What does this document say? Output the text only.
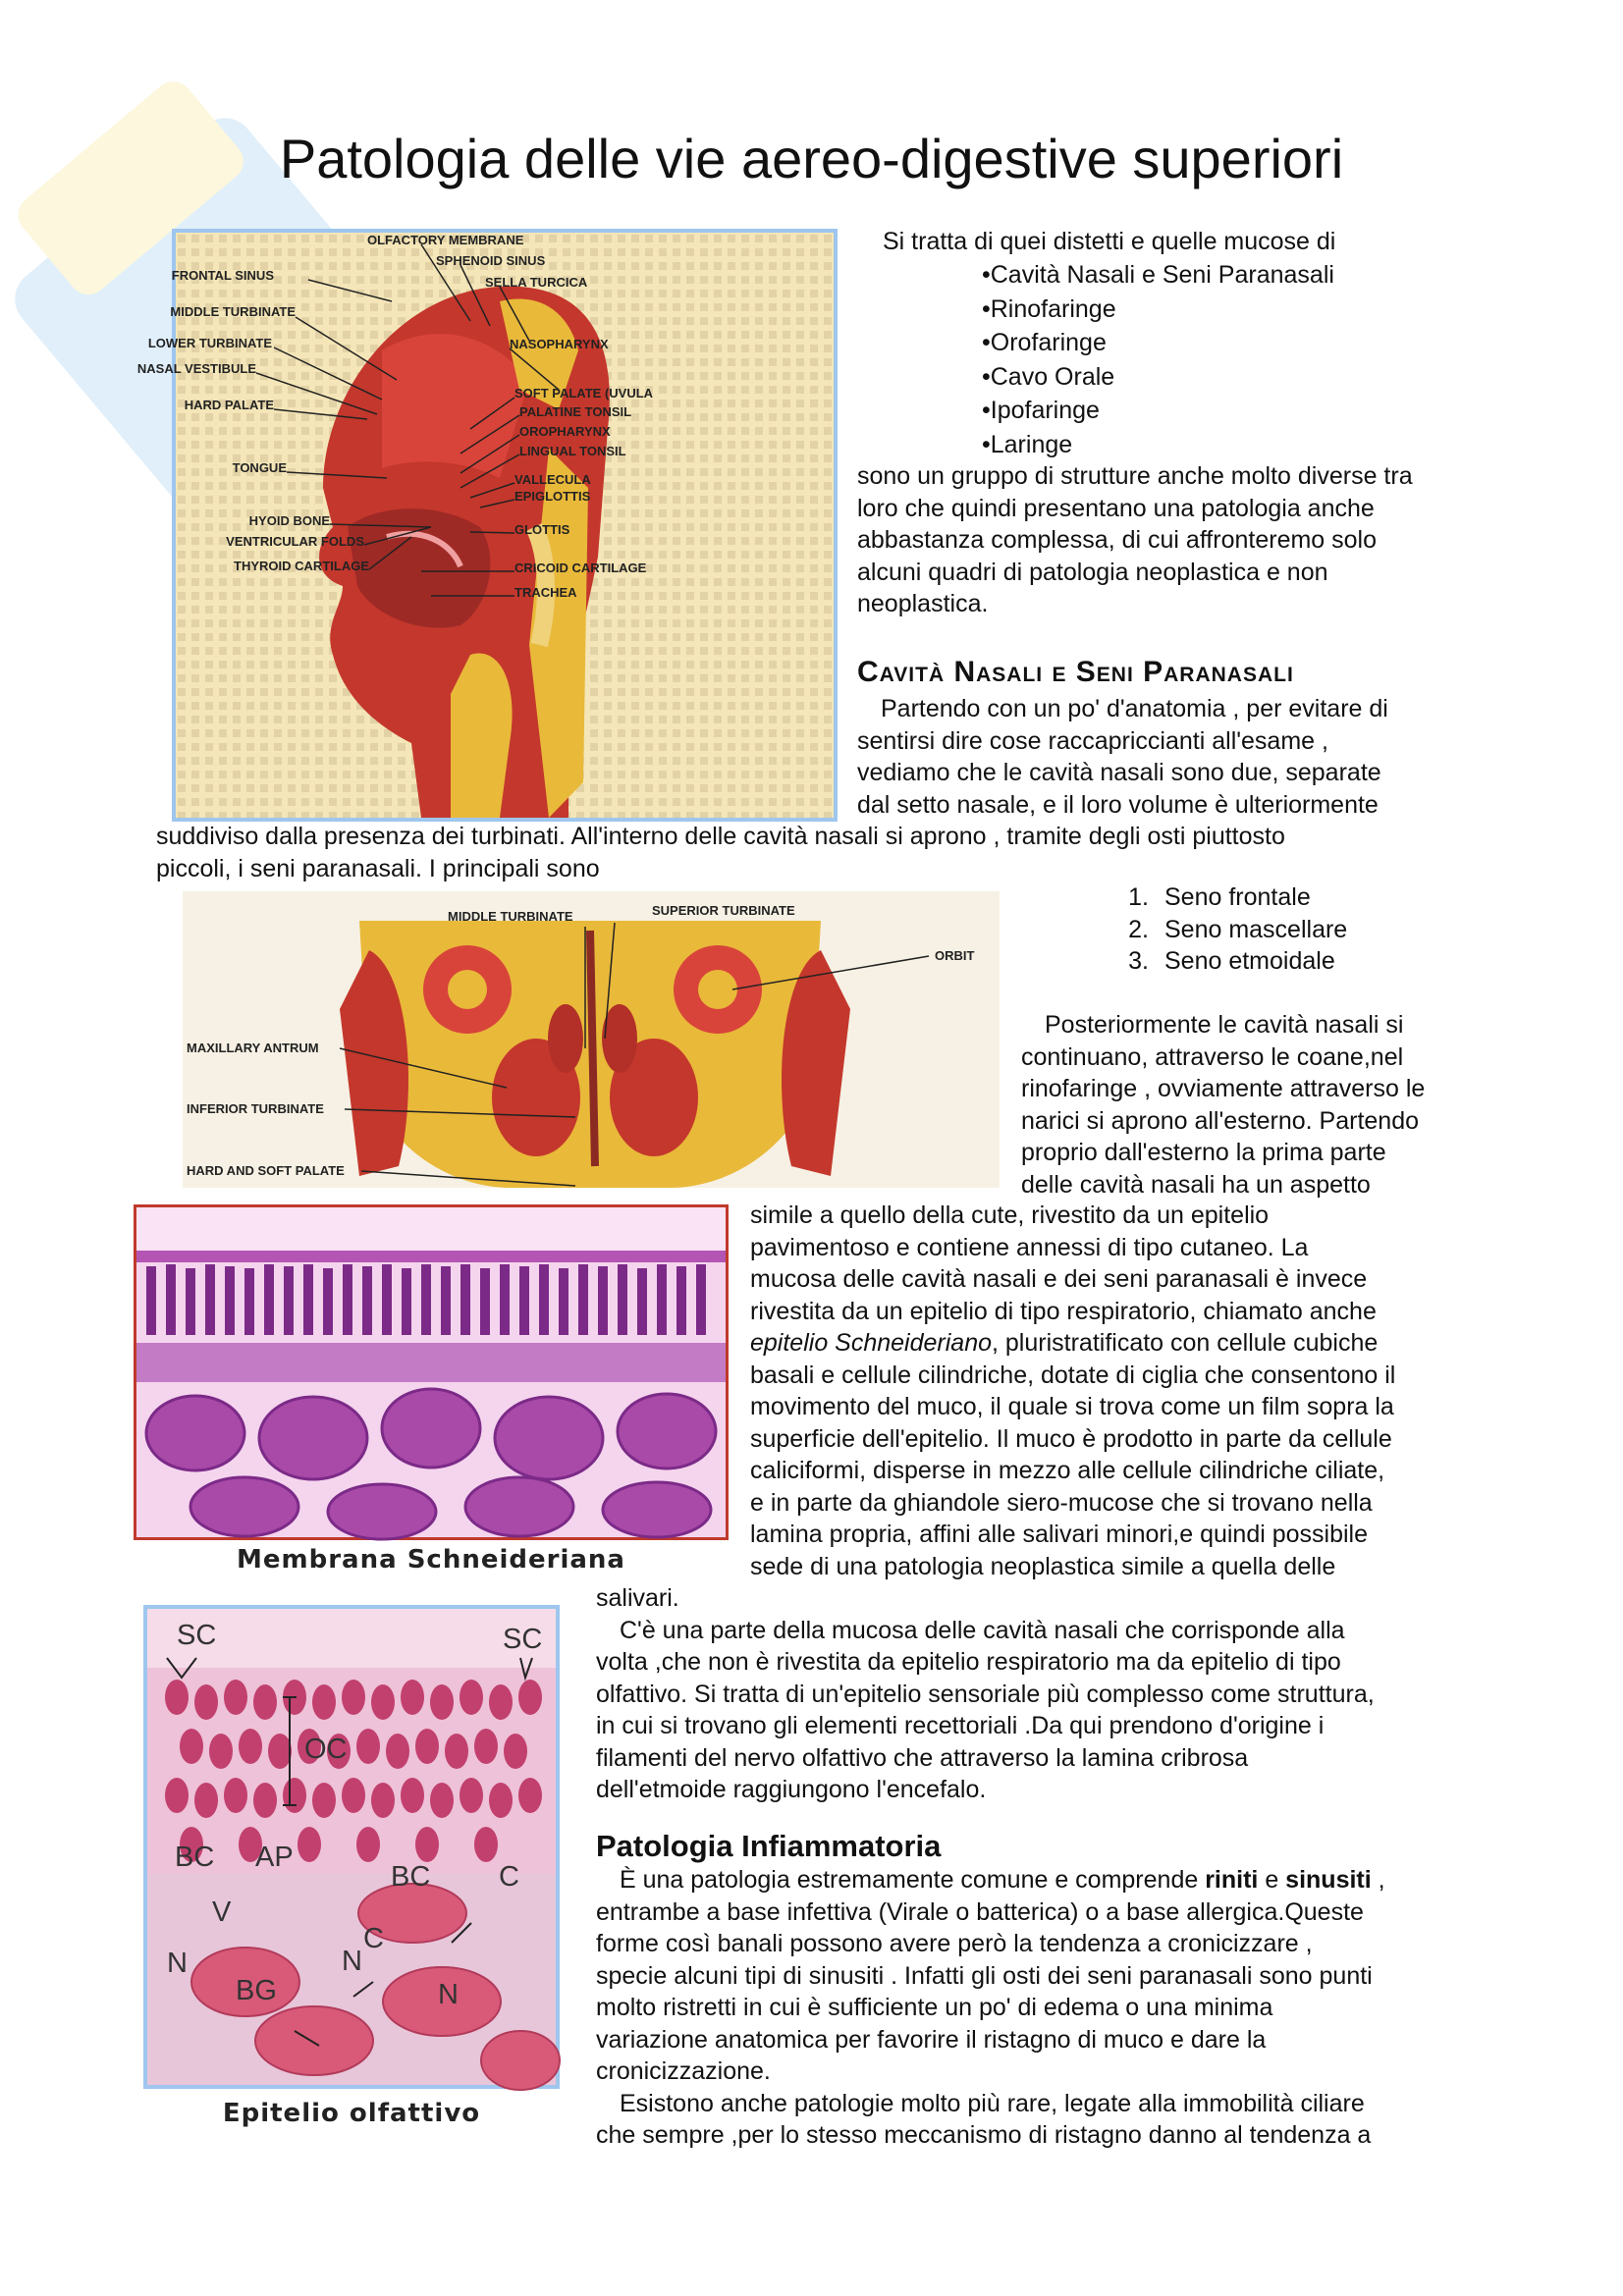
Patologia delle vie aereo-digestive superiori
FRONTAL SINUS
MIDDLE TURBINATE
LOWER TURBINATE
NASAL VESTIBULE
HARD PALATE
TONGUE
HYOID BONE
VENTRICULAR FOLDS
THYROID CARTILAGE
OLFACTORY MEMBRANE
SPHENOID SINUS
SELLA TURCICA
NASOPHARYNX
SOFT PALATE (UVULA
PALATINE TONSIL
OROPHARYNX
LINGUAL TONSIL
VALLECULA
EPIGLOTTIS
GLOTTIS
CRICOID CARTILAGE
TRACHEA
Si tratta di quei distetti e quelle mucose di
•Cavità Nasali e Seni Paranasali
•Rinofaringe
•Orofaringe
•Cavo Orale
•Ipofaringe
•Laringe
sono un gruppo di strutture anche molto diverse tra
loro che quindi presentano una patologia anche
abbastanza complessa, di cui affronteremo solo
alcuni quadri di patologia neoplastica e non
neoplastica.
Cavità Nasali e Seni Paranasali
Partendo con un po' d'anatomia , per evitare di
sentirsi dire cose raccapriccianti all'esame ,
vediamo che le cavità nasali sono due, separate
dal setto nasale, e il loro volume è ulteriormente
suddiviso dalla presenza dei turbinati. All'interno delle cavità nasali si aprono , tramite degli osti piuttosto
piccoli, i seni paranasali. I principali sono
MIDDLE TURBINATE	SUPERIOR TURBINATE
ORBIT
MAXILLARY ANTRUM
INFERIOR TURBINATE
HARD AND SOFT PALATE
1. Seno frontale
2. Seno mascellare
3. Seno etmoidale
Posteriormente le cavità nasali si
continuano, attraverso le coane,nel
rinofaringe , ovviamente attraverso le
narici si aprono all'esterno. Partendo
proprio dall'esterno la prima parte
delle cavità nasali ha un aspetto
Membrana Schneideriana
simile a quello della cute, rivestito da un epitelio
pavimentoso e contiene annessi di tipo cutaneo. La
mucosa delle cavità nasali e dei seni paranasali è invece
rivestita da un epitelio di tipo respiratorio, chiamato anche
epitelio Schneideriano, pluristratificato con cellule cubiche
basali e cellule cilindriche, dotate di ciglia che consentono il
movimento del muco, il quale si trova come un film sopra la
superficie dell'epitelio. Il muco è prodotto in parte da cellule
caliciformi, disperse in mezzo alle cellule cilindriche ciliate,
e in parte da ghiandole siero-mucose che si trovano nella
lamina propria, affini alle salivari minori,e quindi possibile
sede di una patologia neoplastica simile a quella delle
salivari.
C'è una parte della mucosa delle cavità nasali che corrisponde alla
volta ,che non è rivestita da epitelio respiratorio ma da epitelio di tipo
olfattivo. Si tratta di un'epitelio sensoriale più complesso come struttura,
in cui si trovano gli elementi recettoriali .Da qui prendono d'origine i
filamenti del nervo olfattivo che attraverso la lamina cribrosa
dell'etmoide raggiungono l'encefalo.
SC	SC
OC
BC AP
BC C
V
N
C
N
BG	N
Epitelio olfattivo
Patologia Infiammatoria
È una patologia estremamente comune e comprende riniti e sinusiti ,
entrambe a base infettiva (Virale o batterica) o a base allergica.Queste
forme così banali possono avere però la tendenza a cronicizzare ,
specie alcuni tipi di sinusiti . Infatti gli osti dei seni paranasali sono punti
molto ristretti in cui è sufficiente un po' di edema o una minima
variazione anatomica per favorire il ristagno di muco e dare la
cronicizzazione.
Esistono anche patologie molto più rare, legate alla immobilità ciliare
che sempre ,per lo stesso meccanismo di ristagno danno al tendenza a
